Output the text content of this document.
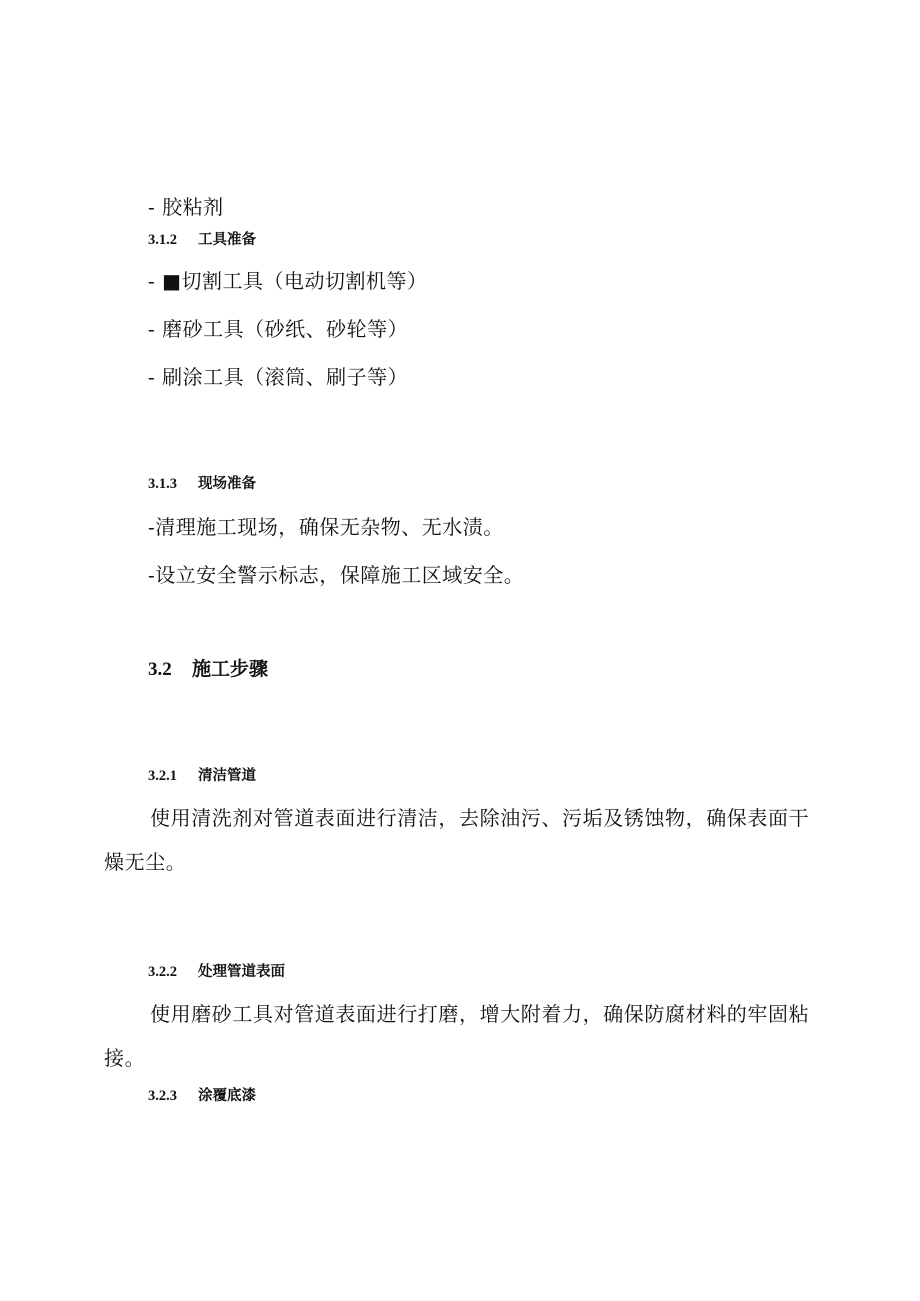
- 胶粘剂
3.1.2 工具准备
- ■切割工具（电动切割机等）
- 磨砂工具（砂纸、砂轮等）
- 刷涂工具（滚筒、刷子等）
3.1.3 现场准备
-清理施工现场，确保无杂物、无水渍。
-设立安全警示标志，保障施工区域安全。
3.2 施工步骤
3.2.1 清洁管道
使用清洗剂对管道表面进行清洁，去除油污、污垢及锈蚀物，确保表面干燥无尘。
3.2.2 处理管道表面
使用磨砂工具对管道表面进行打磨，增大附着力，确保防腐材料的牢固粘接。
3.2.3 涂覆底漆
